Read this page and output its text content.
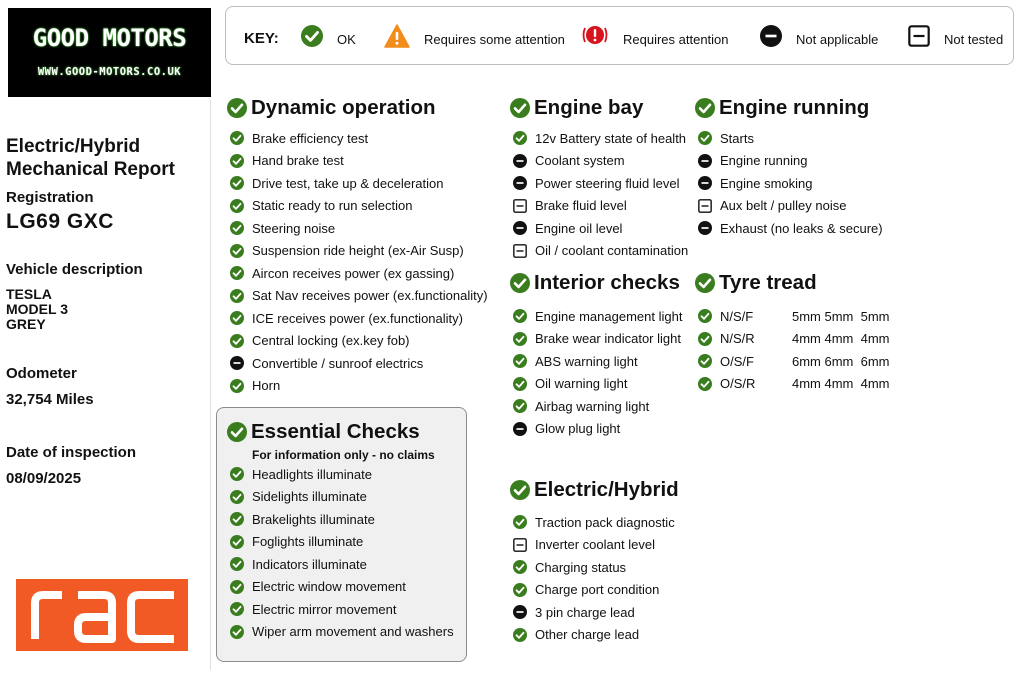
GOOD MOTORS
WWW.GOOD-MOTORS.CO.UK
KEY:	OK	Requires some attention	Requires attention	Not applicable	Not tested
Electric/Hybrid
Mechanical Report
Registration
LG69 GXC
Vehicle description
TESLA
MODEL 3
GREY
Odometer
32,754 Miles
Date of inspection
08/09/2025
Dynamic operation
Brake efficiency test
Hand brake test
Drive test, take up & deceleration
Static ready to run selection
Steering noise
Suspension ride height (ex-Air Susp)
Aircon receives power (ex gassing)
Sat Nav receives power (ex.functionality)
ICE receives power (ex.functionality)
Central locking (ex.key fob)
Convertible / sunroof electrics
Horn
Essential Checks
For information only - no claims
Headlights illuminate
Sidelights illuminate
Brakelights illuminate
Foglights illuminate
Indicators illuminate
Electric window movement
Electric mirror movement
Wiper arm movement and washers
Engine bay
12v Battery state of health
Coolant system
Power steering fluid level
Brake fluid level
Engine oil level
Oil / coolant contamination
Engine running
Starts
Engine running
Engine smoking
Aux belt / pulley noise
Exhaust (no leaks & secure)
Interior checks
Engine management light
Brake wear indicator light
ABS warning light
Oil warning light
Airbag warning light
Glow plug light
Tyre tread
N/S/F	5mm 5mm  5mm
N/S/R	4mm 4mm  4mm
O/S/F	6mm 6mm  6mm
O/S/R	4mm 4mm  4mm
Electric/Hybrid
Traction pack diagnostic
Inverter coolant level
Charging status
Charge port condition
3 pin charge lead
Other charge lead
